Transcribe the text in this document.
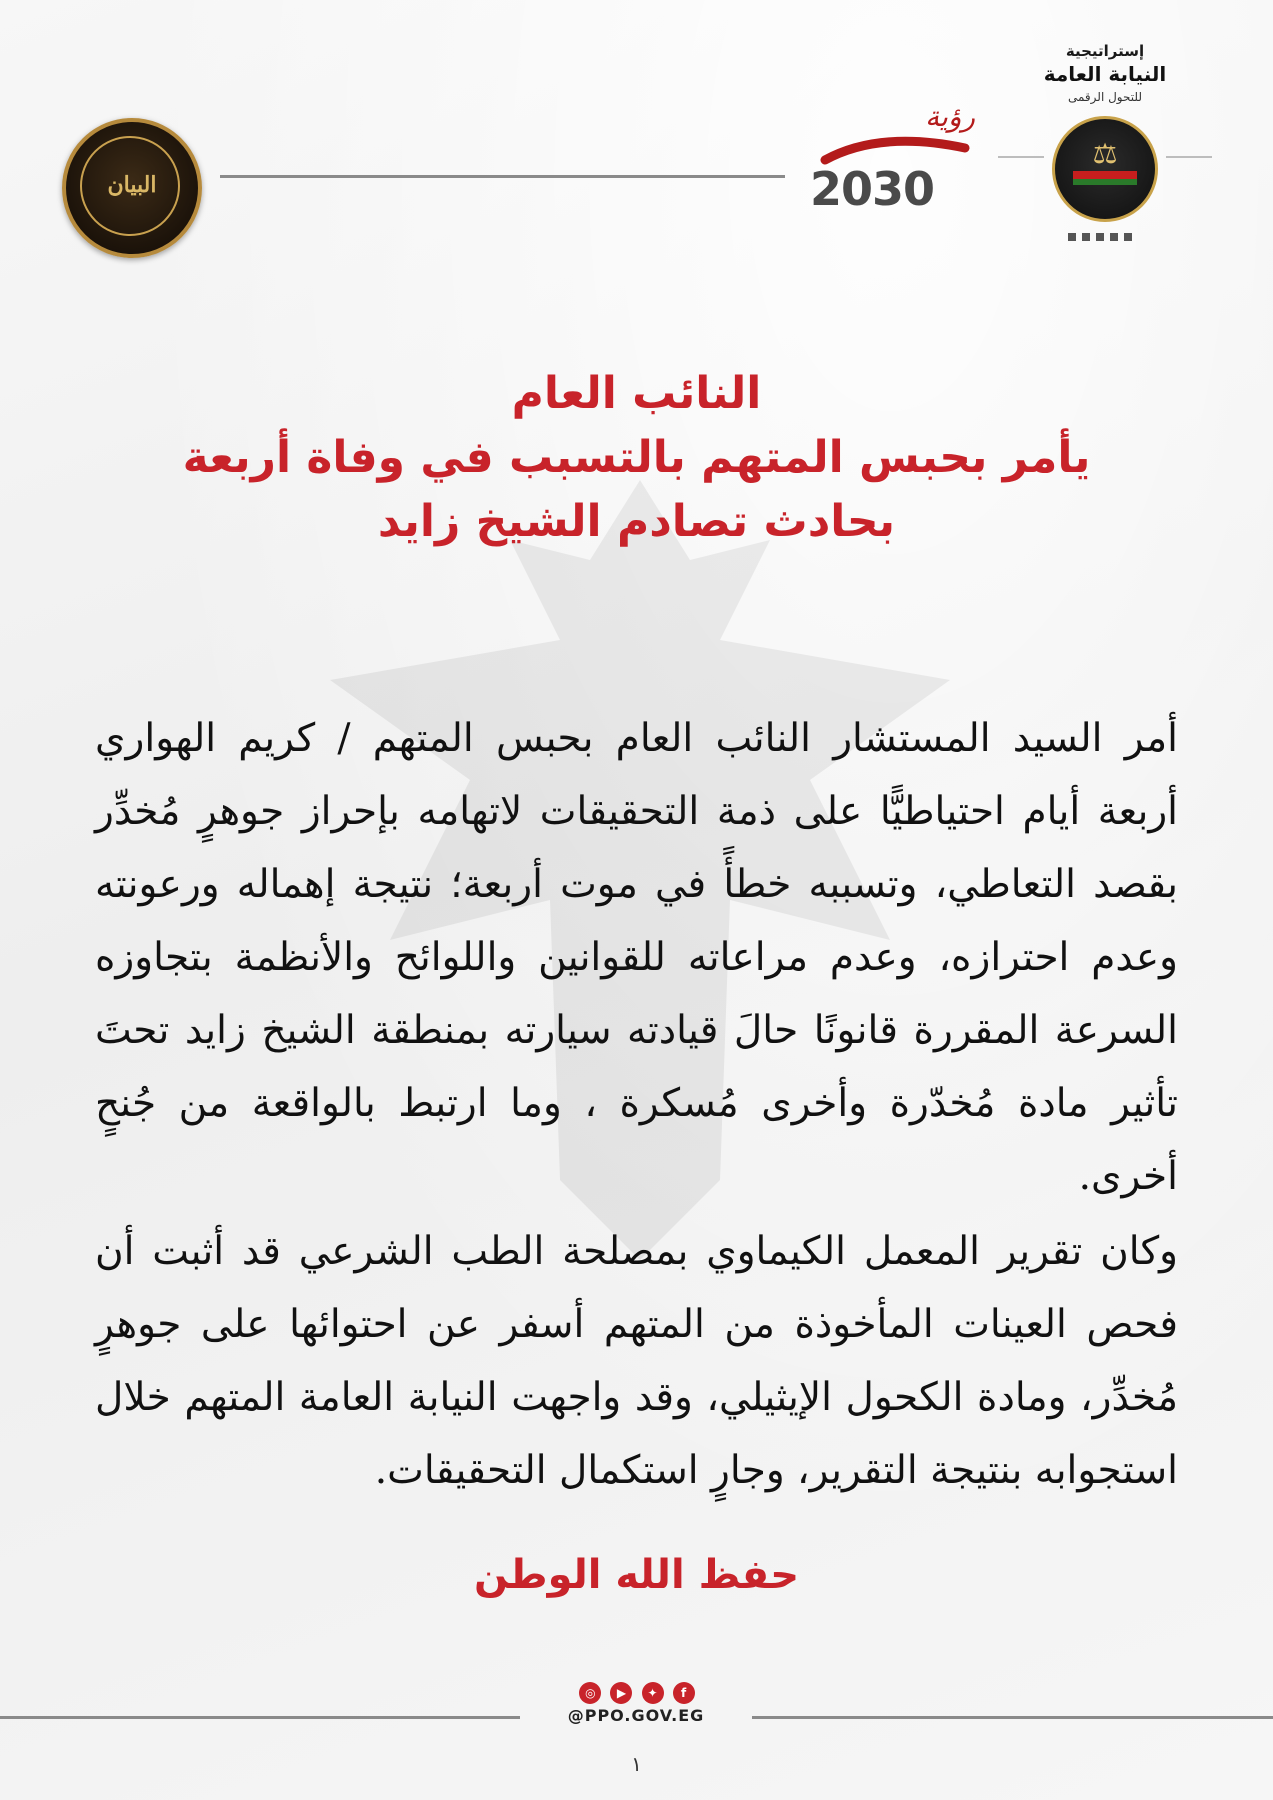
البيان
رؤية
2030
إستراتيجية
النيابة العامة
للتحول الرقمى
⚖
النائب العام
يأمر بحبس المتهم بالتسبب في وفاة أربعة
بحادث تصادم الشيخ زايد

أمر السيد المستشار النائب العام بحبس المتهم / كريم الهواري أربعة أيام احتياطيًّا على ذمة التحقيقات لاتهامه بإحراز جوهرٍ مُخدِّر بقصد التعاطي، وتسببه خطأً في موت أربعة؛ نتيجة إهماله ورعونته وعدم احترازه، وعدم مراعاته للقوانين واللوائح والأنظمة بتجاوزه السرعة المقررة قانونًا حالَ قيادته سيارته بمنطقة الشيخ زايد تحتَ تأثير مادة مُخدّرة وأخرى مُسكرة ، وما ارتبط بالواقعة من جُنحٍ أخرى.

وكان تقرير المعمل الكيماوي بمصلحة الطب الشرعي قد أثبت أن فحص العينات المأخوذة من المتهم أسفر عن احتوائها على جوهرٍ مُخدِّر، ومادة الكحول الإيثيلي، وقد واجهت النيابة العامة المتهم خلال استجوابه بنتيجة التقرير، وجارٍ استكمال التحقيقات.

حفظ الله الوطن
◎ ▶ ✦ f
@PPO.GOV.EG
١
